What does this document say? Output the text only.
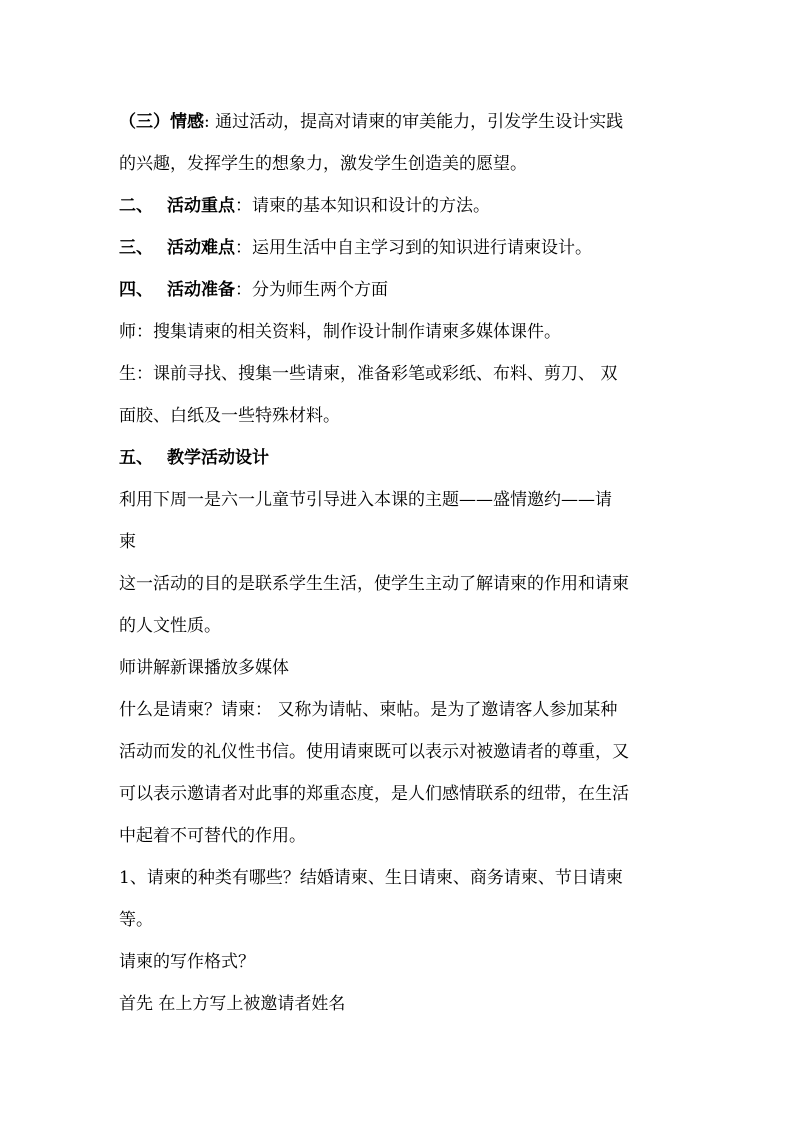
（三）情感: 通过活动，提高对请柬的审美能力，引发学生设计实践
的兴趣，发挥学生的想象力，激发学生创造美的愿望。
二、 活动重点：请柬的基本知识和设计的方法。
三、 活动难点：运用生活中自主学习到的知识进行请柬设计。
四、 活动准备：分为师生两个方面
师：搜集请柬的相关资料，制作设计制作请柬多媒体课件。
生：课前寻找、搜集一些请柬，准备彩笔或彩纸、布料、剪刀、 双
面胶、白纸及一些特殊材料。
五、 教学活动设计
利用下周一是六一儿童节引导进入本课的主题——盛情邀约——请
柬
这一活动的目的是联系学生生活，使学生主动了解请柬的作用和请柬
的人文性质。
师讲解新课播放多媒体
什么是请柬？请柬： 又称为请帖、柬帖。是为了邀请客人参加某种
活动而发的礼仪性书信。使用请柬既可以表示对被邀请者的尊重，又
可以表示邀请者对此事的郑重态度，是人们感情联系的纽带，在生活
中起着不可替代的作用。
1、请柬的种类有哪些？结婚请柬、生日请柬、商务请柬、节日请柬
等。
请柬的写作格式？
首先 在上方写上被邀请者姓名
